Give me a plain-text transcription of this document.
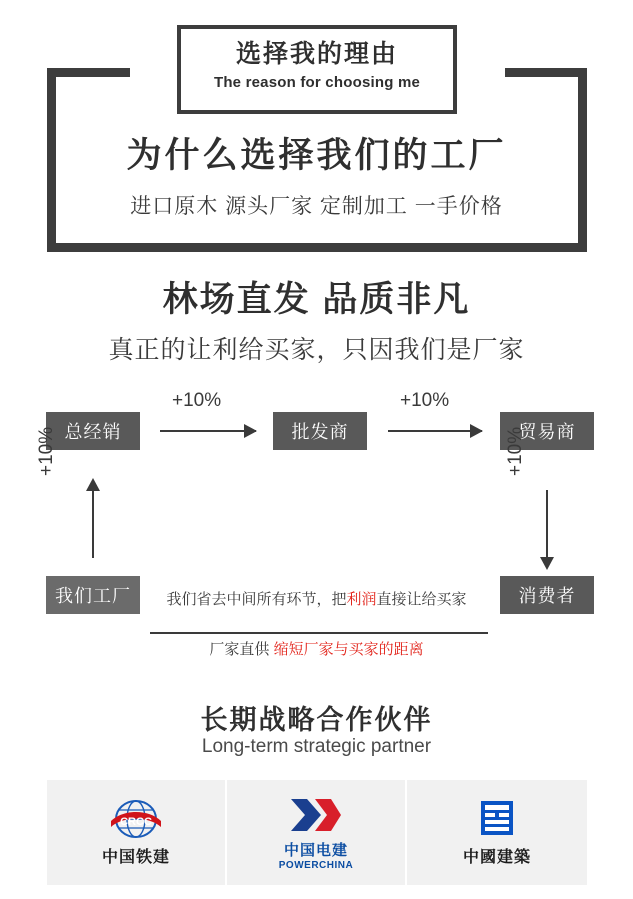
选择我的理由
The reason for choosing me
为什么选择我们的工厂
进口原木 源头厂家 定制加工 一手价格
林场直发 品质非凡
真正的让利给买家，只因我们是厂家
总经销	批发商	贸易商
我们工厂	消费者
+10%	+10%
+10%	+10%
我们省去中间所有环节，把利润直接让给买家
厂家直供 缩短厂家与买家的距离
长期战略合作伙伴
Long-term strategic partner
CRCC
中国铁建	中国电建
POWERCHINA	中國建築
